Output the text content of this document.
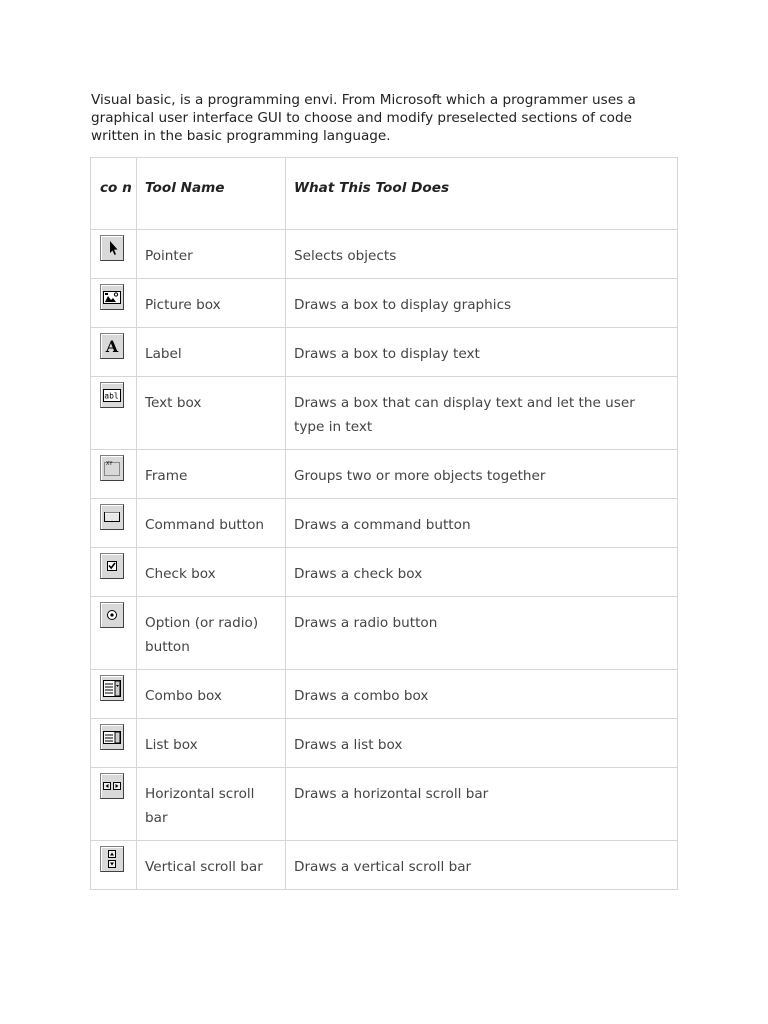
Visual basic, is a programming envi. From Microsoft which a programmer uses a graphical user interface GUI to choose and modify preselected sections of code written in the basic programming language.

co n	Tool Name	What This Tool Does

	Pointer	Selects objects

	Picture box	Draws a box to display graphics

A	Label	Draws a box to display text

abl	Text box	Draws a box that can display text and let the user type in text

XY	Frame	Groups two or more objects together

	Command button	Draws a command button

	Check box	Draws a check box

	Option (or radio) button	Draws a radio button

	Combo box	Draws a combo box

	List box	Draws a list box

	Horizontal scroll bar	Draws a horizontal scroll bar

	Vertical scroll bar	Draws a vertical scroll bar
